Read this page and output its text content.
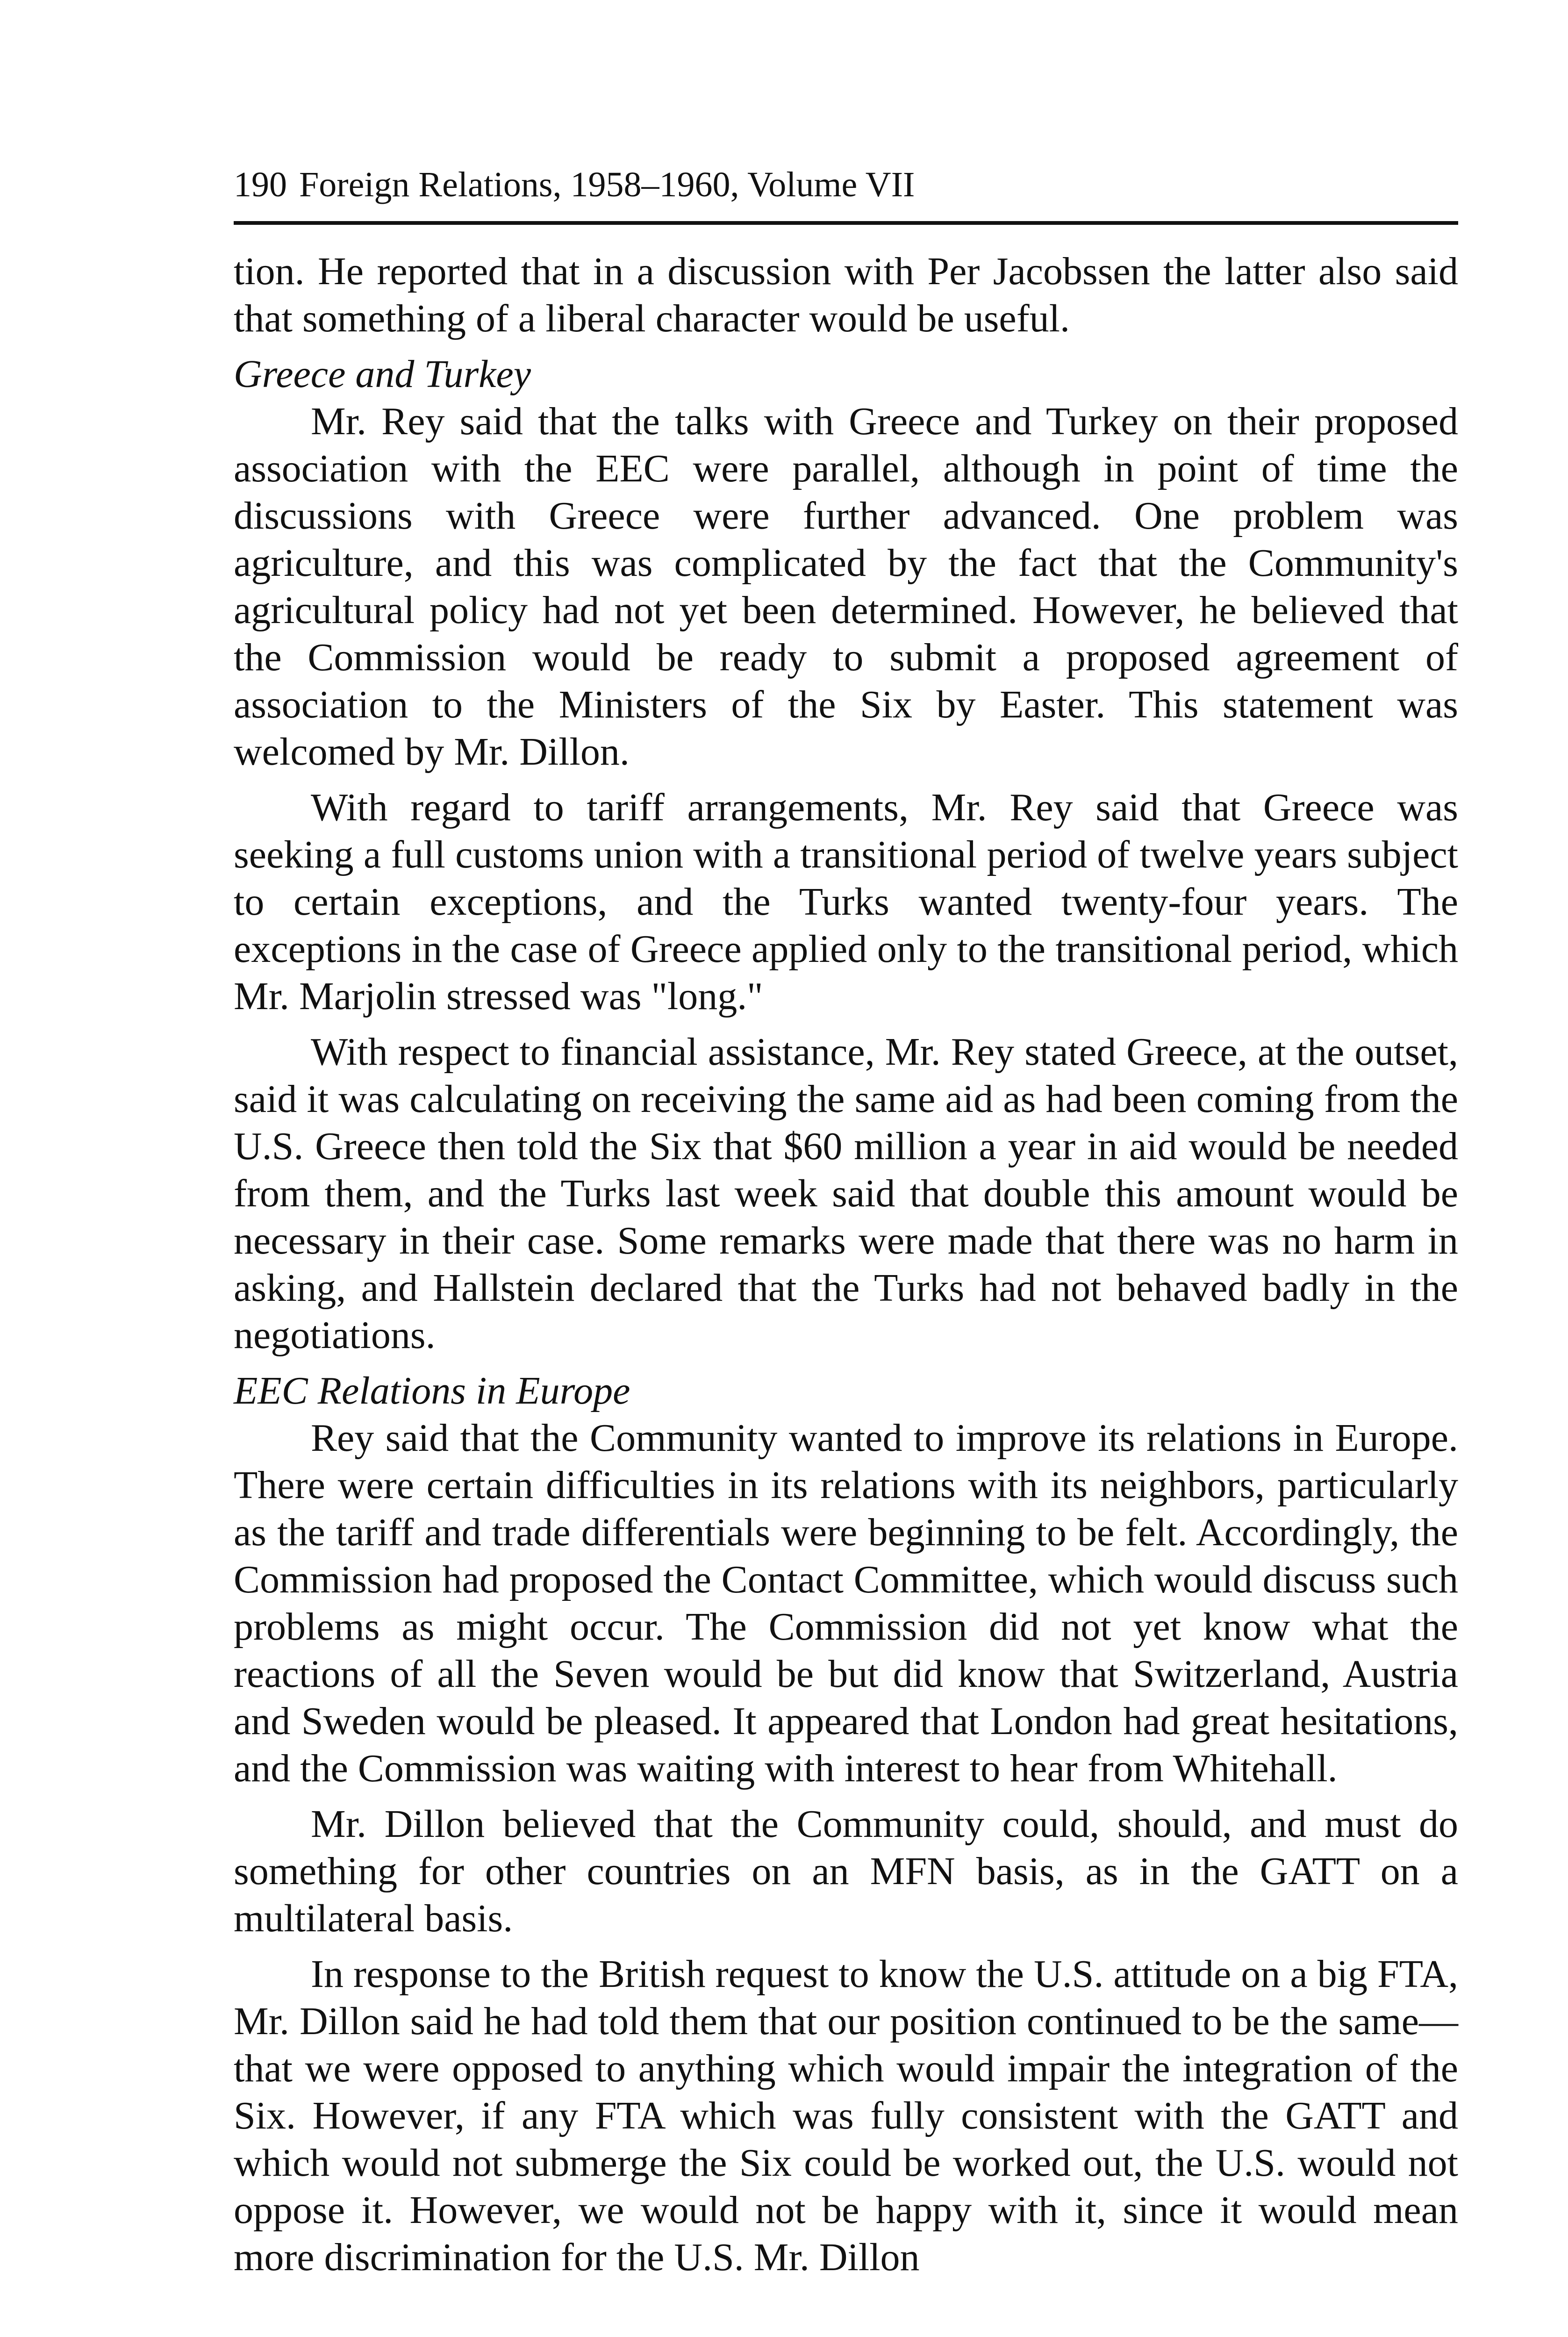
190 Foreign Relations, 1958–1960, Volume VII

tion. He reported that in a discussion with Per Jacobssen the latter also said that something of a liberal character would be useful.

Greece and Turkey

Mr. Rey said that the talks with Greece and Turkey on their proposed association with the EEC were parallel, although in point of time the discussions with Greece were further advanced. One problem was agriculture, and this was complicated by the fact that the Community's agricultural policy had not yet been determined. However, he believed that the Commission would be ready to submit a proposed agreement of association to the Ministers of the Six by Easter. This statement was welcomed by Mr. Dillon.

With regard to tariff arrangements, Mr. Rey said that Greece was seeking a full customs union with a transitional period of twelve years subject to certain exceptions, and the Turks wanted twenty-four years. The exceptions in the case of Greece applied only to the transitional period, which Mr. Marjolin stressed was "long."

With respect to financial assistance, Mr. Rey stated Greece, at the outset, said it was calculating on receiving the same aid as had been coming from the U.S. Greece then told the Six that $60 million a year in aid would be needed from them, and the Turks last week said that double this amount would be necessary in their case. Some remarks were made that there was no harm in asking, and Hallstein declared that the Turks had not behaved badly in the negotiations.

EEC Relations in Europe

Rey said that the Community wanted to improve its relations in Europe. There were certain difficulties in its relations with its neighbors, particularly as the tariff and trade differentials were beginning to be felt. Accordingly, the Commission had proposed the Contact Committee, which would discuss such problems as might occur. The Commission did not yet know what the reactions of all the Seven would be but did know that Switzerland, Austria and Sweden would be pleased. It appeared that London had great hesitations, and the Commission was waiting with interest to hear from Whitehall.

Mr. Dillon believed that the Community could, should, and must do something for other countries on an MFN basis, as in the GATT on a multilateral basis.

In response to the British request to know the U.S. attitude on a big FTA, Mr. Dillon said he had told them that our position continued to be the same—that we were opposed to anything which would impair the integration of the Six. However, if any FTA which was fully consistent with the GATT and which would not submerge the Six could be worked out, the U.S. would not oppose it. However, we would not be happy with it, since it would mean more discrimination for the U.S. Mr. Dillon
